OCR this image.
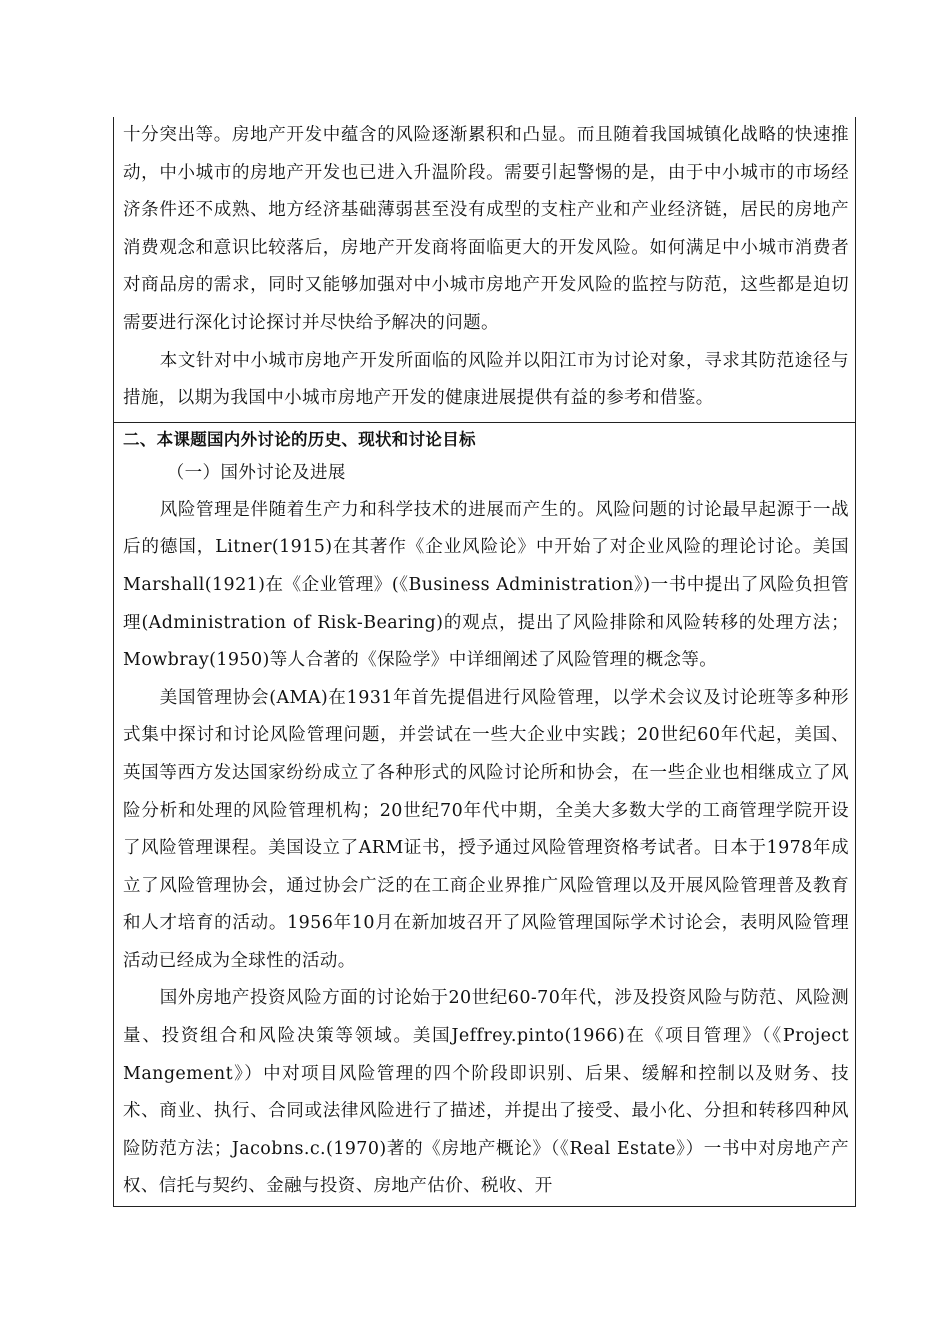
十分突出等。房地产开发中蕴含的风险逐渐累积和凸显。而且随着我国城镇化战略的快速推动，中小城市的房地产开发也已进入升温阶段。需要引起警惕的是，由于中小城市的市场经济条件还不成熟、地方经济基础薄弱甚至没有成型的支柱产业和产业经济链，居民的房地产消费观念和意识比较落后，房地产开发商将面临更大的开发风险。如何满足中小城市消费者对商品房的需求，同时又能够加强对中小城市房地产开发风险的监控与防范，这些都是迫切需要进行深化讨论探讨并尽快给予解决的问题。

本文针对中小城市房地产开发所面临的风险并以阳江市为讨论对象，寻求其防范途径与措施，以期为我国中小城市房地产开发的健康进展提供有益的参考和借鉴。

二、本课题国内外讨论的历史、现状和讨论目标

（一）国外讨论及进展

风险管理是伴随着生产力和科学技术的进展而产生的。风险问题的讨论最早起源于一战后的德国，Litner(1915)在其著作《企业风险论》中开始了对企业风险的理论讨论。美国Marshall(1921)在《企业管理》(《Business Administration》)一书中提出了风险负担管理(Administration of Risk-Bearing)的观点，提出了风险排除和风险转移的处理方法；Mowbray(1950)等人合著的《保险学》中详细阐述了风险管理的概念等。

美国管理协会(AMA)在1931年首先提倡进行风险管理，以学术会议及讨论班等多种形式集中探讨和讨论风险管理问题，并尝试在一些大企业中实践；20世纪60年代起，美国、英国等西方发达国家纷纷成立了各种形式的风险讨论所和协会，在一些企业也相继成立了风险分析和处理的风险管理机构；20世纪70年代中期，全美大多数大学的工商管理学院开设了风险管理课程。美国设立了ARM证书，授予通过风险管理资格考试者。日本于1978年成立了风险管理协会，通过协会广泛的在工商企业界推广风险管理以及开展风险管理普及教育和人才培育的活动。1956年10月在新加坡召开了风险管理国际学术讨论会，表明风险管理活动已经成为全球性的活动。

国外房地产投资风险方面的讨论始于20世纪60-70年代，涉及投资风险与防范、风险测量、投资组合和风险决策等领域。美国Jeffrey.pinto(1966)在《项目管理》（《Project Mangement》）中对项目风险管理的四个阶段即识别、后果、缓解和控制以及财务、技术、商业、执行、合同或法律风险进行了描述，并提出了接受、最小化、分担和转移四种风险防范方法；Jacobns.c.(1970)著的《房地产概论》（《Real Estate》）一书中对房地产产权、信托与契约、金融与投资、房地产估价、税收、开
